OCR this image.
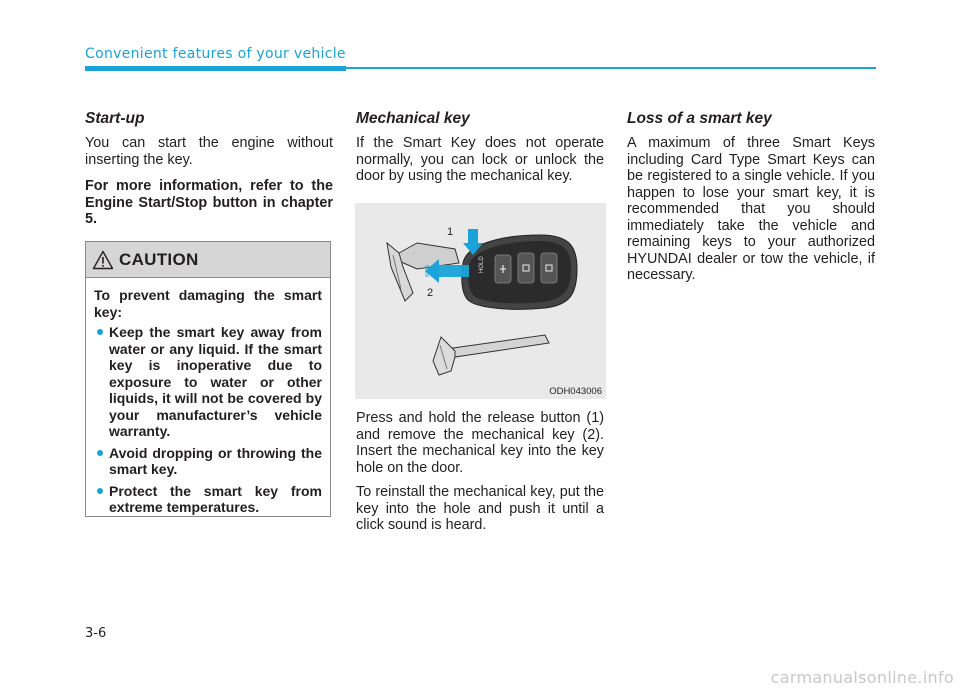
Convenient features of your vehicle
Start-up

You can start the engine without inserting the key.

For more information, refer to the Engine Start/Stop button in chapter 5.

CAUTION

To prevent damaging the smart key:

Keep the smart key away from water or any liquid. If the smart key is inoperative due to exposure to water or other liquids, it will not be covered by your manufacturer’s vehicle warranty.
Avoid dropping or throwing the smart key.
Protect the smart key from extreme temperatures.
Mechanical key

If the Smart Key does not operate normally, you can lock or unlock the door by using the mechanical key.

HOLD
1
2
ODH043006

Press and hold the release button (1) and remove the mechanical key (2). Insert the mechanical key into the key hole on the door.

To reinstall the mechanical key, put the key into the hole and push it until a click sound is heard.

Loss of a smart key

A maximum of three Smart Keys including Card Type Smart Keys can be registered to a single vehicle. If you happen to lose your smart key, it is recommended that you should immediately take the vehicle and remaining keys to your authorized HYUNDAI dealer or tow the vehicle, if necessary.

3-6
carmanualsonline.info
